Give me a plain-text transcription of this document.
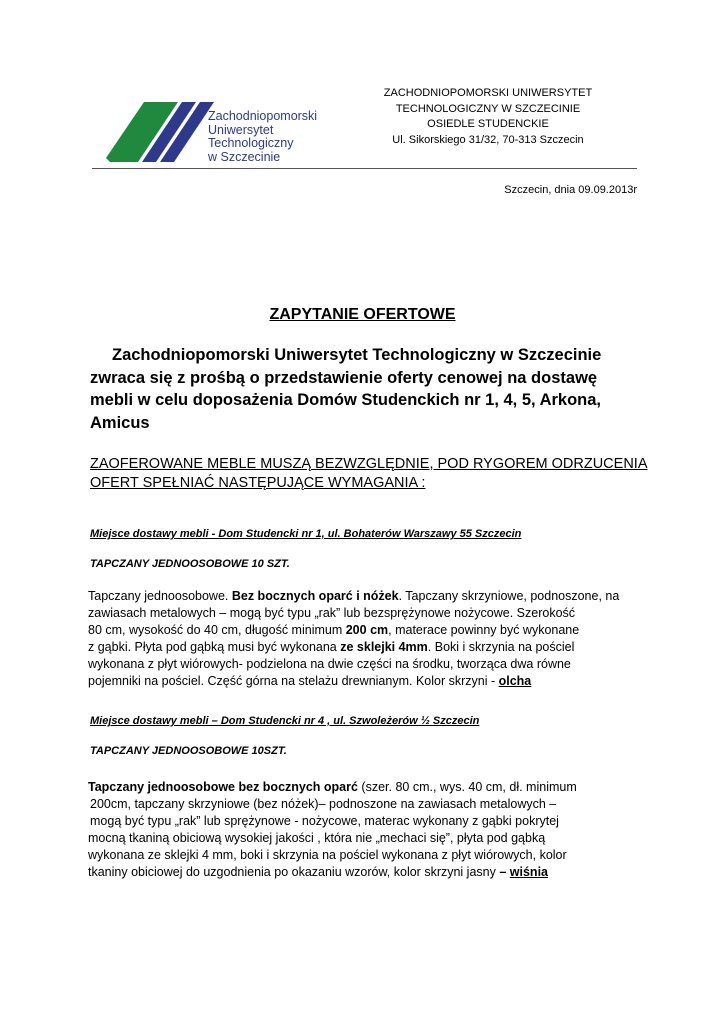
Zachodniopomorski
Uniwersytet
Technologiczny
w Szczecinie
ZACHODNIOPOMORSKI UNIWERSYTET
TECHNOLOGICZNY W SZCZECINIE
OSIEDLE STUDENCKIE
Ul. Sikorskiego 31/32, 70-313 Szczecin
Szczecin, dnia 09.09.2013r
ZAPYTANIE OFERTOWE
Zachodniopomorski Uniwersytet Technologiczny w Szczecinie
zwraca się z prośbą o przedstawienie oferty cenowej na dostawę
mebli w celu doposażenia Domów Studenckich nr 1, 4, 5, Arkona,
Amicus
ZAOFEROWANE MEBLE MUSZĄ BEZWZGLĘDNIE, POD RYGOREM ODRZUCENIA
OFERT SPEŁNIAĆ NASTĘPUJĄCE WYMAGANIA :
Miejsce dostawy mebli - Dom Studencki nr 1, ul. Bohaterów Warszawy 55 Szczecin
TAPCZANY JEDNOOSOBOWE 10 SZT.
Tapczany jednoosobowe. Bez bocznych oparć i nóżek. Tapczany skrzyniowe, podnoszone, na
zawiasach metalowych – mogą być typu „rak” lub bezsprężynowe nożycowe. Szerokość
80 cm, wysokość do 40 cm, długość minimum 200 cm, materace powinny być wykonane
z gąbki. Płyta pod gąbką musi być wykonana ze sklejki 4mm. Boki i skrzynia na pościel
wykonana z płyt wiórowych- podzielona na dwie części na środku, tworząca dwa równe
pojemniki na pościel. Część górna na stelażu drewnianym. Kolor skrzyni - olcha
Miejsce dostawy mebli – Dom Studencki nr 4 , ul. Szwoleżerów ½ Szczecin
TAPCZANY JEDNOOSOBOWE 10SZT.
Tapczany jednoosobowe bez bocznych oparć (szer. 80 cm., wys. 40 cm, dł. minimum
200cm, tapczany skrzyniowe (bez nóżek)– podnoszone na zawiasach metalowych –
mogą być typu „rak” lub sprężynowe - nożycowe, materac wykonany z gąbki pokrytej
mocną tkaniną obiciową wysokiej jakości , która nie „mechaci się”, płyta pod gąbką
wykonana ze sklejki 4 mm, boki i skrzynia na pościel wykonana z płyt wiórowych, kolor
tkaniny obiciowej do uzgodnienia po okazaniu wzorów, kolor skrzyni jasny – wiśnia
